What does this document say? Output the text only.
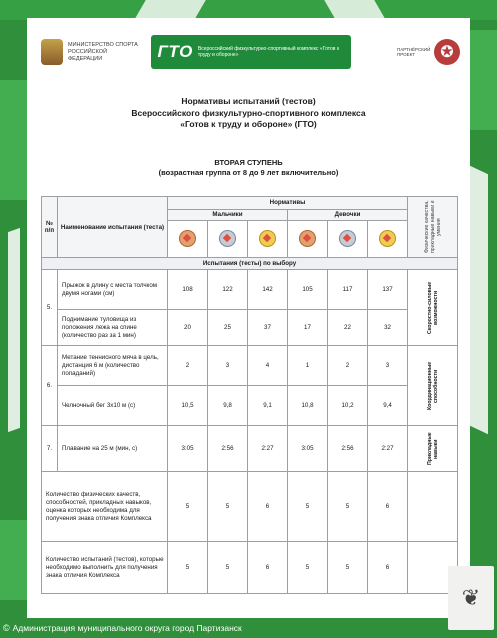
МИНИСТЕРСТВО СПОРТА РОССИЙСКОЙ ФЕДЕРАЦИИ	ГТО Всероссийский физкультурно-спортивный комплекс «Готов к труду и обороне»
ПАРТНЁРСКИЙ ПРОЕКТ	✪
Нормативы испытаний (тестов)
Всероссийского физкультурно-спортивного комплекса
«Готов к труду и обороне» (ГТО)
ВТОРАЯ СТУПЕНЬ
(возрастная группа от 8 до 9 лет включительно)
№ п/п	Наименование испытания (теста)	Нормативы						Физические качества, прикладные навыки и умения

		Мальчики			Девочки			

Испытания (тесты) по выбору								
5.	Прыжок в длину с места толчком двумя ногами (см)	108	122	142	105	117	137	Скоростно-силовые возможности

	Поднимание туловища из положения лежа на спине (количество раз за 1 мин)	20	25	37	17	22	32	
6.	Метание теннисного мяча в цель, дистанция 6 м (количество попаданий)	2	3	4	1	2	3	Координационные способности

	Челночный бег 3х10 м (с)	10,5	9,8	9,1	10,8	10,2	9,4	
7.	Плавание на 25 м (мин, с)	3:05	2:56	2:27	3:05	2:56	2:27	Прикладные навыки

Количество физических качеств, способностей, прикладных навыков, оценка которых необходима для получения знака отличия Комплекса		5	5	6	5	5	6	
Количество испытаний (тестов), которые необходимо выполнить для получения знака отличия Комплекса		5	5	6	5	5	6	
❦
© Администрация муниципального округа город Партизанск
